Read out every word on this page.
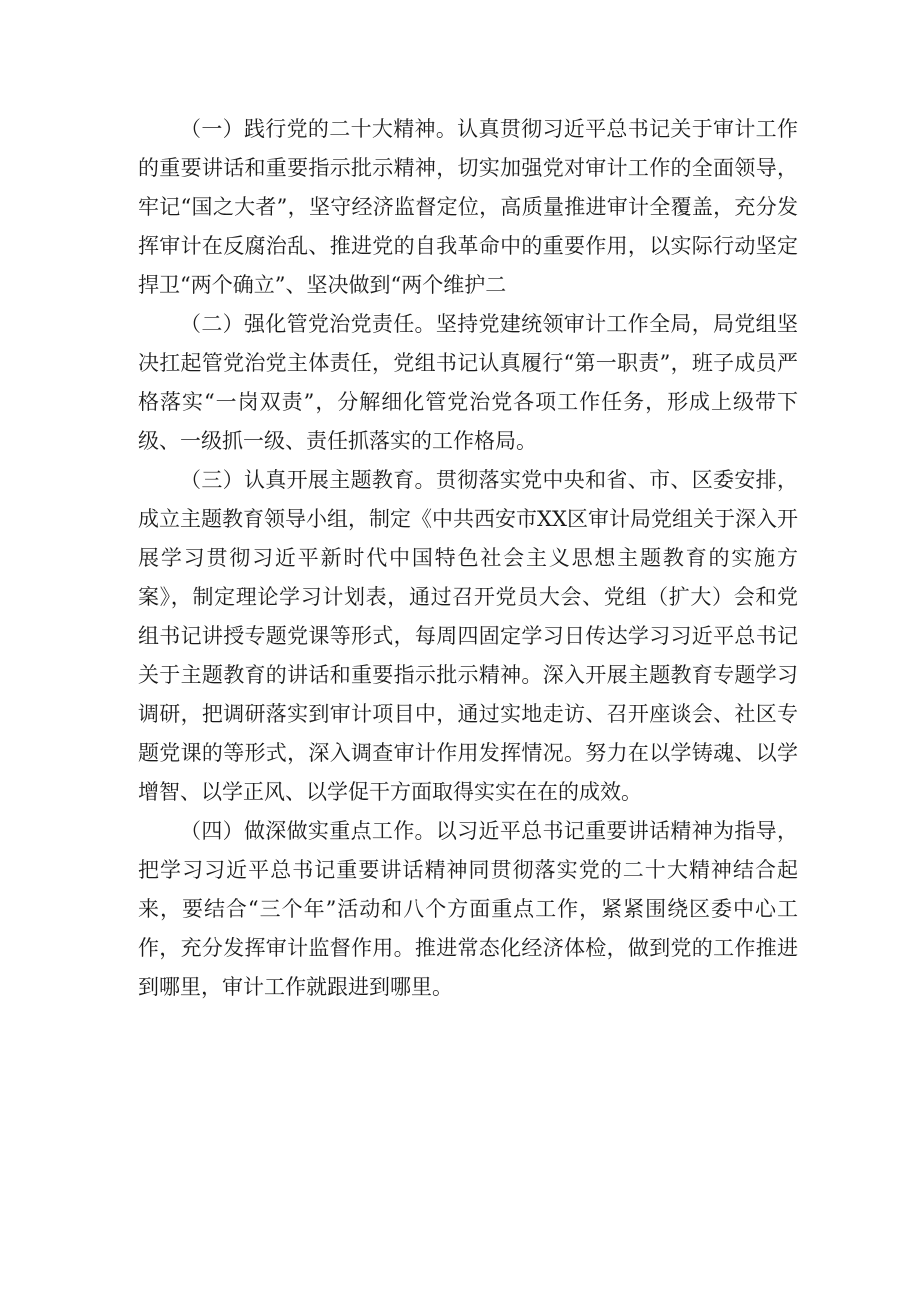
（一）践行党的二十大精神。认真贯彻习近平总书记关于审计工作的重要讲话和重要指示批示精神，切实加强党对审计工作的全面领导，牢记“国之大者”，坚守经济监督定位，高质量推进审计全覆盖，充分发挥审计在反腐治乱、推进党的自我革命中的重要作用，以实际行动坚定捍卫“两个确立”、坚决做到“两个维护二

（二）强化管党治党责任。坚持党建统领审计工作全局，局党组坚决扛起管党治党主体责任，党组书记认真履行“第一职责”，班子成员严格落实“一岗双责”，分解细化管党治党各项工作任务，形成上级带下级、一级抓一级、责任抓落实的工作格局。

（三）认真开展主题教育。贯彻落实党中央和省、市、区委安排，成立主题教育领导小组，制定《中共西安市XX区审计局党组关于深入开展学习贯彻习近平新时代中国特色社会主义思想主题教育的实施方案》，制定理论学习计划表，通过召开党员大会、党组（扩大）会和党组书记讲授专题党课等形式，每周四固定学习日传达学习习近平总书记关于主题教育的讲话和重要指示批示精神。深入开展主题教育专题学习调研，把调研落实到审计项目中，通过实地走访、召开座谈会、社区专题党课的等形式，深入调查审计作用发挥情况。努力在以学铸魂、以学增智、以学正风、以学促干方面取得实实在在的成效。

（四）做深做实重点工作。以习近平总书记重要讲话精神为指导，把学习习近平总书记重要讲话精神同贯彻落实党的二十大精神结合起来，要结合“三个年”活动和八个方面重点工作，紧紧围绕区委中心工作，充分发挥审计监督作用。推进常态化经济体检，做到党的工作推进到哪里，审计工作就跟进到哪里。
